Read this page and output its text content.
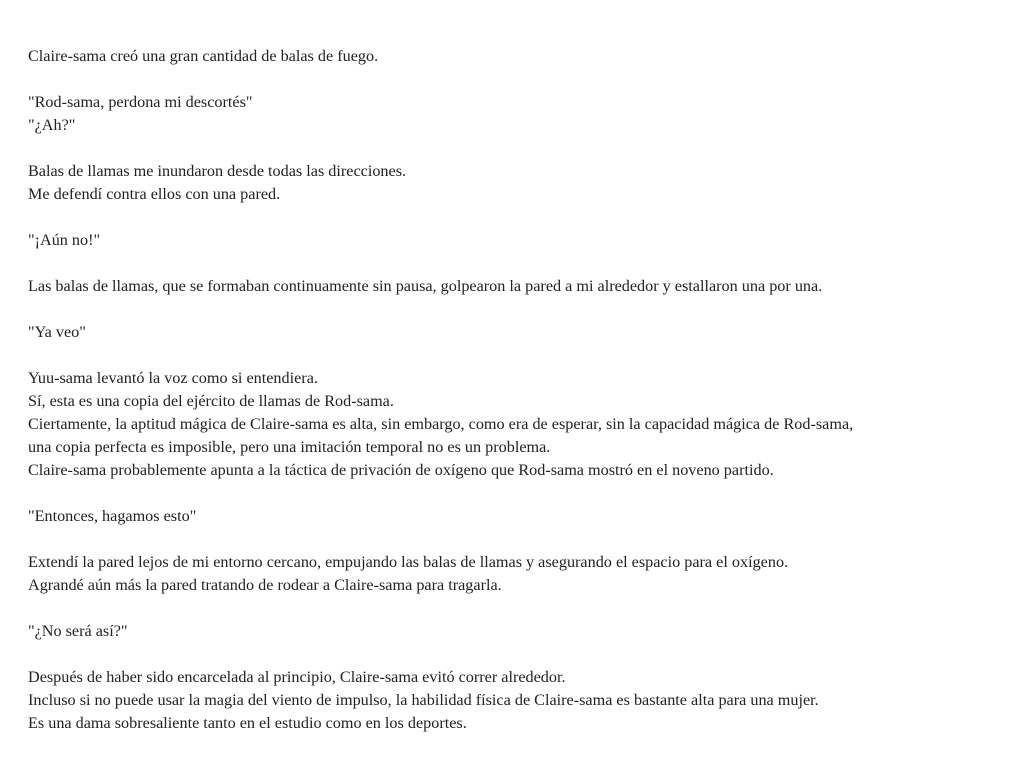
Claire-sama creó una gran cantidad de balas de fuego.

"Rod-sama, perdona mi descortés"
"¿Ah?"

Balas de llamas me inundaron desde todas las direcciones.
Me defendí contra ellos con una pared.

"¡Aún no!"

Las balas de llamas, que se formaban continuamente sin pausa, golpearon la pared a mi alrededor y estallaron una por una.

"Ya veo"

Yuu-sama levantó la voz como si entendiera.
Sí, esta es una copia del ejército de llamas de Rod-sama.
Ciertamente, la aptitud mágica de Claire-sama es alta, sin embargo, como era de esperar, sin la capacidad mágica de Rod-sama,
una copia perfecta es imposible, pero una imitación temporal no es un problema.
Claire-sama probablemente apunta a la táctica de privación de oxígeno que Rod-sama mostró en el noveno partido.

"Entonces, hagamos esto"

Extendí la pared lejos de mi entorno cercano, empujando las balas de llamas y asegurando el espacio para el oxígeno.
Agrandé aún más la pared tratando de rodear a Claire-sama para tragarla.

"¿No será así?"

Después de haber sido encarcelada al principio, Claire-sama evitó correr alrededor.
Incluso si no puede usar la magia del viento de impulso, la habilidad física de Claire-sama es bastante alta para una mujer.
Es una dama sobresaliente tanto en el estudio como en los deportes.
